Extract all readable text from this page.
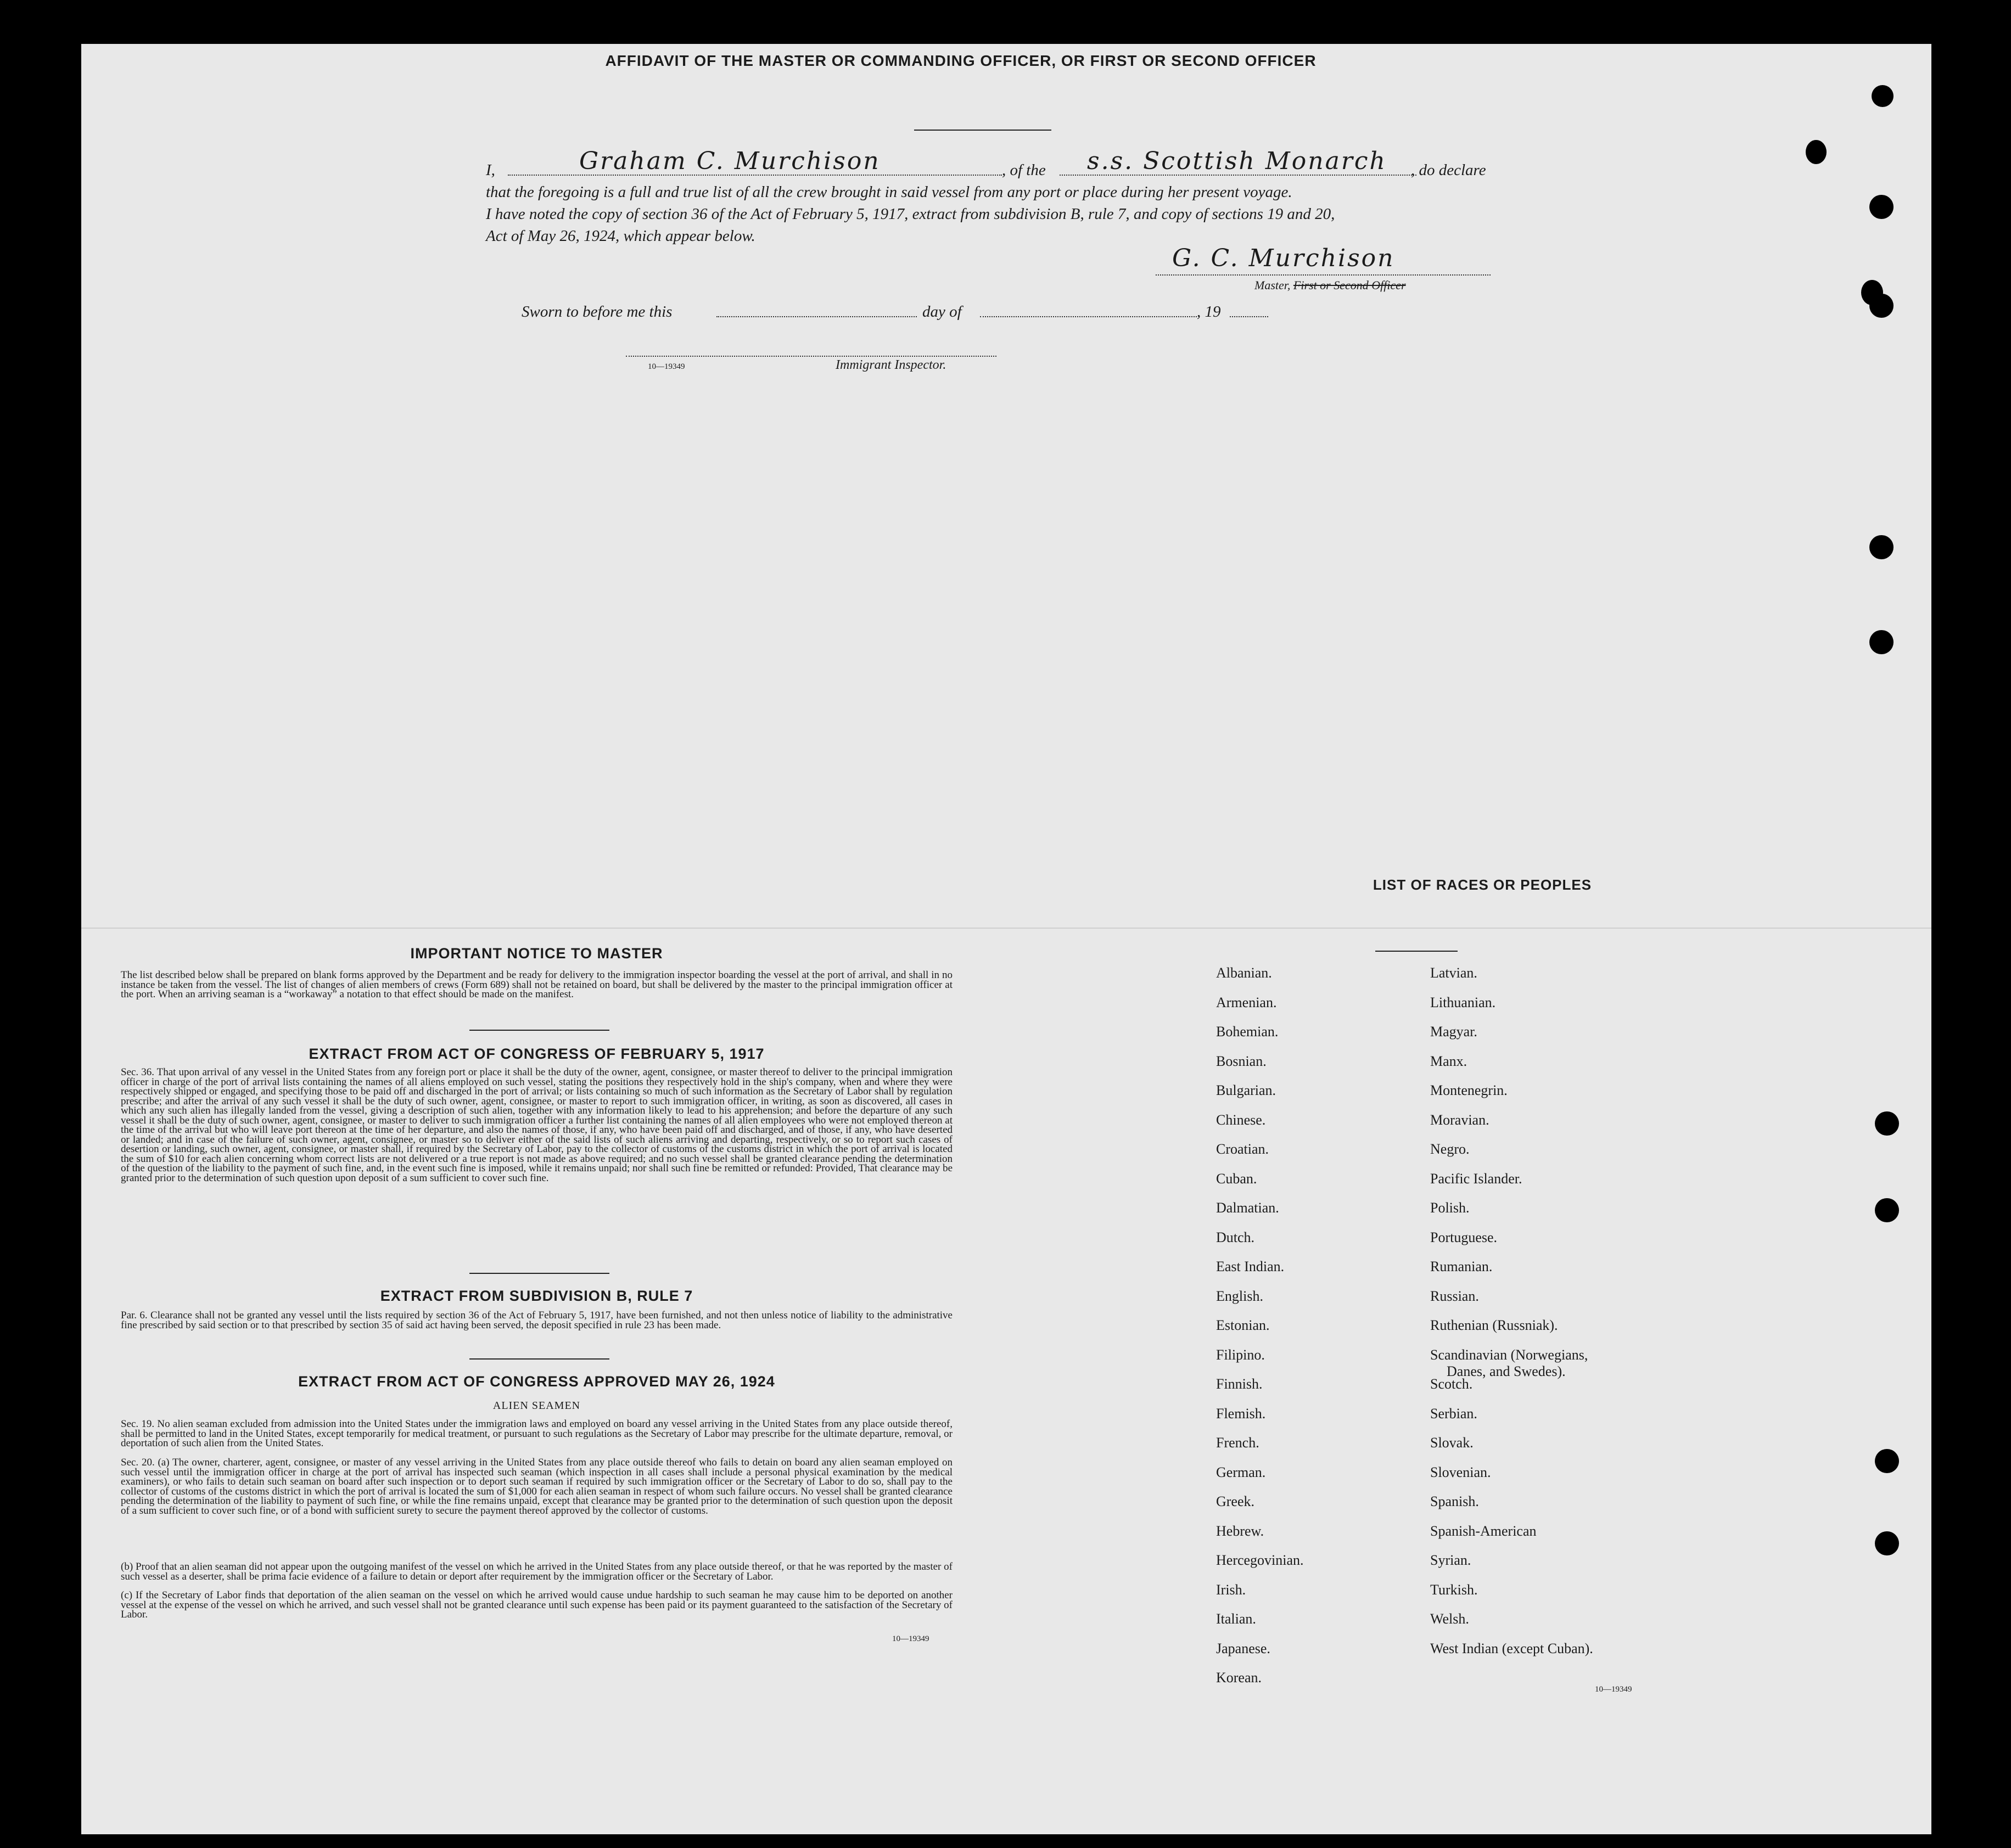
AFFIDAVIT OF THE MASTER OR COMMANDING OFFICER, OR FIRST OR SECOND OFFICER
I,	Graham C. Murchison	, of the s.s. Scottish Monarch , do declare
that the foregoing is a full and true list of all the crew brought in said vessel from any port or place during her present voyage.
I have noted the copy of section 36 of the Act of February 5, 1917, extract from subdivision B, rule 7, and copy of sections 19 and 20,
Act of May 26, 1924, which appear below.
G. C. Murchison
Master, First or Second Officer
Sworn to before me this	day of	, 19
10—19349	Immigrant Inspector.
IMPORTANT NOTICE TO MASTER
The list described below shall be prepared on blank forms approved by the Department and be ready for delivery to the immigration inspector boarding the vessel at the port of arrival, and shall in no instance be taken from the vessel. The list of changes of alien members of crews (Form 689) shall not be retained on board, but shall be delivered by the master to the principal immigration officer at the port. When an arriving seaman is a “workaway” a notation to that effect should be made on the manifest.
EXTRACT FROM ACT OF CONGRESS OF FEBRUARY 5, 1917
Sec. 36. That upon arrival of any vessel in the United States from any foreign port or place it shall be the duty of the owner, agent, consignee, or master thereof to deliver to the principal immigration officer in charge of the port of arrival lists containing the names of all aliens employed on such vessel, stating the positions they respectively hold in the ship's company, when and where they were respectively shipped or engaged, and specifying those to be paid off and discharged in the port of arrival; or lists containing so much of such information as the Secretary of Labor shall by regulation prescribe; and after the arrival of any such vessel it shall be the duty of such owner, agent, consignee, or master to report to such immigration officer, in writing, as soon as discovered, all cases in which any such alien has illegally landed from the vessel, giving a description of such alien, together with any information likely to lead to his apprehension; and before the departure of any such vessel it shall be the duty of such owner, agent, consignee, or master to deliver to such immigration officer a further list containing the names of all alien employees who were not employed thereon at the time of the arrival but who will leave port thereon at the time of her departure, and also the names of those, if any, who have been paid off and discharged, and of those, if any, who have deserted or landed; and in case of the failure of such owner, agent, consignee, or master so to deliver either of the said lists of such aliens arriving and departing, respectively, or so to report such cases of desertion or landing, such owner, agent, consignee, or master shall, if required by the Secretary of Labor, pay to the collector of customs of the customs district in which the port of arrival is located the sum of $10 for each alien concerning whom correct lists are not delivered or a true report is not made as above required; and no such vessel shall be granted clearance pending the determination of the question of the liability to the payment of such fine, and, in the event such fine is imposed, while it remains unpaid; nor shall such fine be remitted or refunded: Provided, That clearance may be granted prior to the determination of such question upon deposit of a sum sufficient to cover such fine.
EXTRACT FROM SUBDIVISION B, RULE 7
Par. 6. Clearance shall not be granted any vessel until the lists required by section 36 of the Act of February 5, 1917, have been furnished, and not then unless notice of liability to the administrative fine prescribed by said section or to that prescribed by section 35 of said act having been served, the deposit specified in rule 23 has been made.
EXTRACT FROM ACT OF CONGRESS APPROVED MAY 26, 1924
ALIEN SEAMEN
Sec. 19. No alien seaman excluded from admission into the United States under the immigration laws and employed on board any vessel arriving in the United States from any place outside thereof, shall be permitted to land in the United States, except temporarily for medical treatment, or pursuant to such regulations as the Secretary of Labor may prescribe for the ultimate departure, removal, or deportation of such alien from the United States.
Sec. 20. (a) The owner, charterer, agent, consignee, or master of any vessel arriving in the United States from any place outside thereof who fails to detain on board any alien seaman employed on such vessel until the immigration officer in charge at the port of arrival has inspected such seaman (which inspection in all cases shall include a personal physical examination by the medical examiners), or who fails to detain such seaman on board after such inspection or to deport such seaman if required by such immigration officer or the Secretary of Labor to do so, shall pay to the collector of customs of the customs district in which the port of arrival is located the sum of $1,000 for each alien seaman in respect of whom such failure occurs. No vessel shall be granted clearance pending the determination of the liability to payment of such fine, or while the fine remains unpaid, except that clearance may be granted prior to the determination of such question upon the deposit of a sum sufficient to cover such fine, or of a bond with sufficient surety to secure the payment thereof approved by the collector of customs.
(b) Proof that an alien seaman did not appear upon the outgoing manifest of the vessel on which he arrived in the United States from any place outside thereof, or that he was reported by the master of such vessel as a deserter, shall be prima facie evidence of a failure to detain or deport after requirement by the immigration officer or the Secretary of Labor.
(c) If the Secretary of Labor finds that deportation of the alien seaman on the vessel on which he arrived would cause undue hardship to such seaman he may cause him to be deported on another vessel at the expense of the vessel on which he arrived, and such vessel shall not be granted clearance until such expense has been paid or its payment guaranteed to the satisfaction of the Secretary of Labor.
10—19349
LIST OF RACES OR PEOPLES
Albanian.
Armenian.
Bohemian.
Bosnian.
Bulgarian.
Chinese.
Croatian.
Cuban.
Dalmatian.
Dutch.
East Indian.
English.
Estonian.
Filipino.
Finnish.
Flemish.
French.
German.
Greek.
Hebrew.
Hercegovinian.
Irish.
Italian.
Japanese.
Korean.
Latvian.
Lithuanian.
Magyar.
Manx.
Montenegrin.
Moravian.
Negro.
Pacific Islander.
Polish.
Portuguese.
Rumanian.
Russian.
Ruthenian (Russniak).
Scandinavian (Norwegians,
Danes, and Swedes).
Scotch.
Serbian.
Slovak.
Slovenian.
Spanish.
Spanish-American
Syrian.
Turkish.
Welsh.
West Indian (except Cuban).
10—19349
